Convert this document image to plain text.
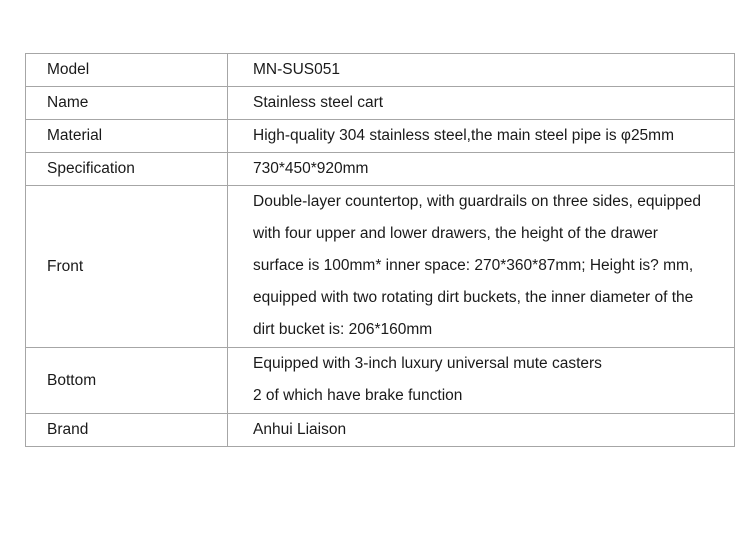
Model	MN-SUS051

Name	Stainless steel cart

Material	High-quality 304 stainless steel,the main steel pipe is φ25mm

Specification	730*450*920mm

Front	Double-layer countertop, with guardrails on three sides, equipped
with four upper and lower drawers, the height of the drawer
surface is 100mm* inner space: 270*360*87mm; Height is? mm,
equipped with two rotating dirt buckets, the inner diameter of the
dirt bucket is: 206*160mm

Bottom	Equipped with 3-inch luxury universal mute casters
2 of which have brake function

Brand	Anhui Liaison
